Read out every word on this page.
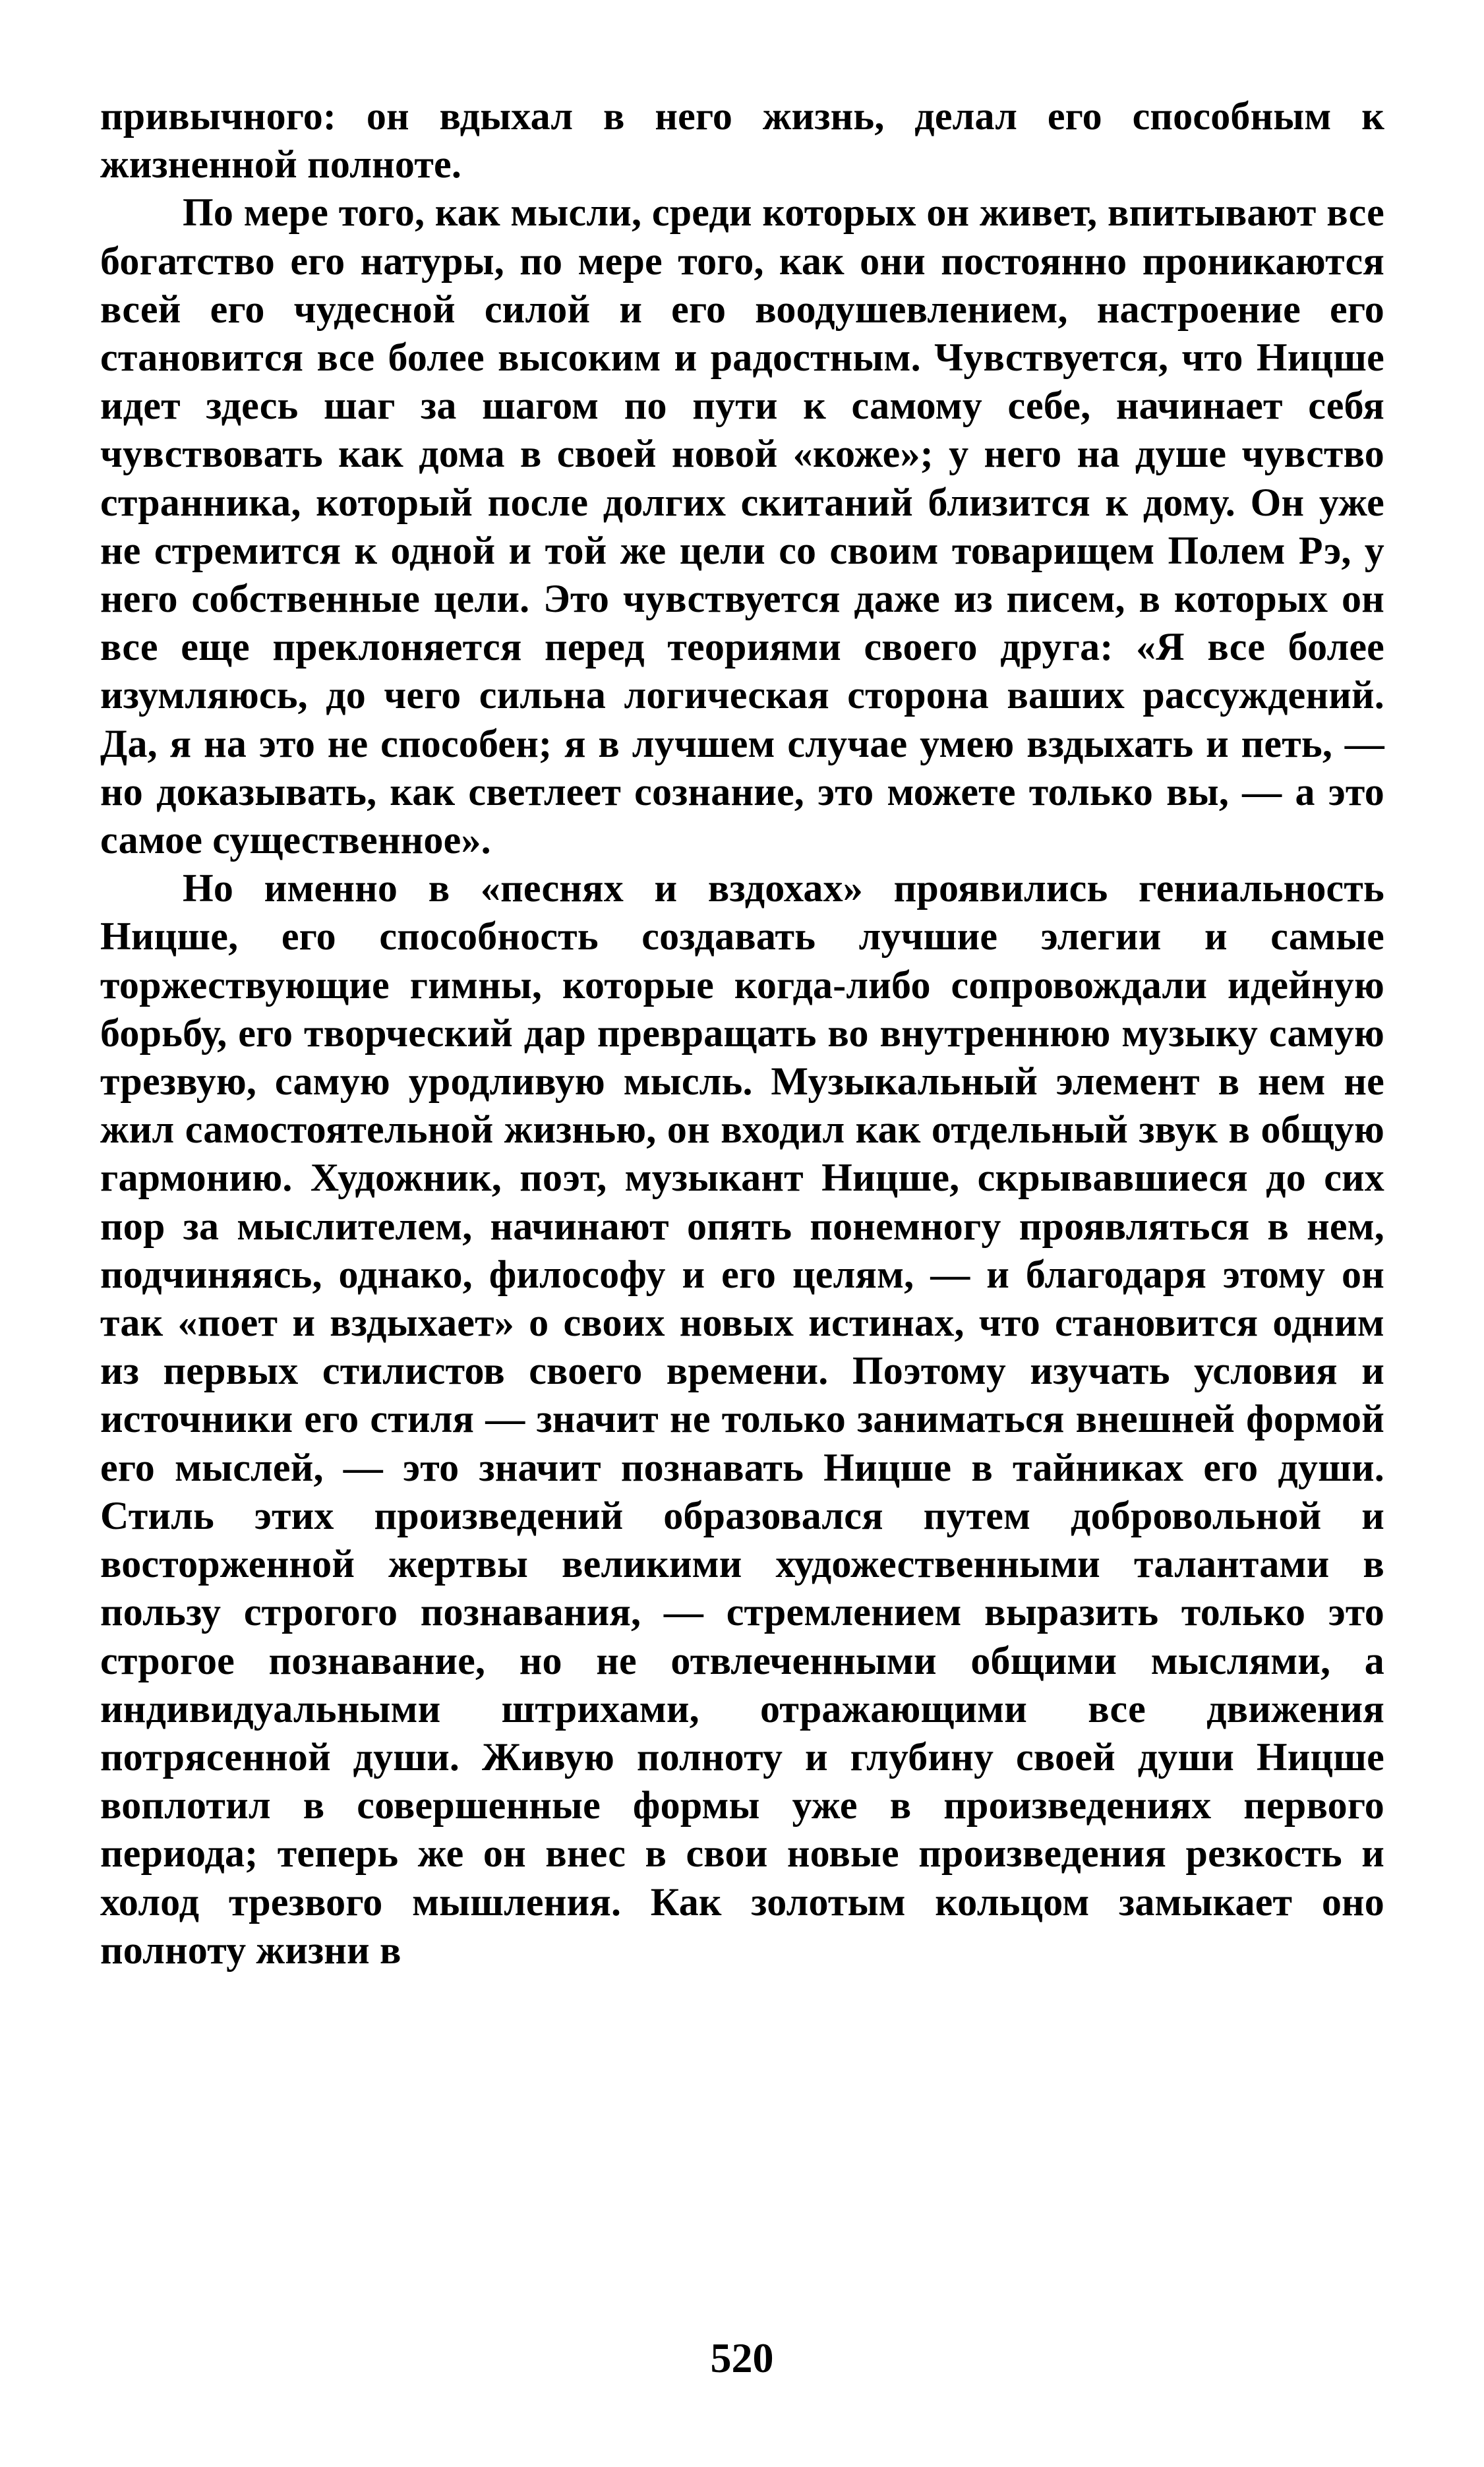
привычного: он вдыхал в него жизнь, делал его способным к жизненной полноте.

По мере того, как мысли, среди которых он живет, впитывают все богатство его натуры, по мере того, как они постоянно проникаются всей его чудесной силой и его воодушевлением, настроение его становится все более высоким и радостным. Чувствуется, что Ницше идет здесь шаг за шагом по пути к самому себе, начинает себя чувствовать как дома в своей новой «коже»; у него на душе чувство странника, который после долгих скитаний близится к дому. Он уже не стремится к одной и той же цели со своим товарищем Полем Рэ, у него собственные цели. Это чувствуется даже из писем, в которых он все еще преклоняется перед теориями своего друга: «Я все более изумляюсь, до чего сильна логическая сторона ваших рассуждений. Да, я на это не способен; я в лучшем случае умею вздыхать и петь, — но доказывать, как светлеет сознание, это можете только вы, — а это самое существенное».

Но именно в «песнях и вздохах» проявились гениальность Ницше, его способность создавать лучшие элегии и самые торжествующие гимны, которые когда-либо сопровождали идейную борьбу, его творческий дар превращать во внутреннюю музыку самую трезвую, самую уродливую мысль. Музыкальный элемент в нем не жил самостоятельной жизнью, он входил как отдельный звук в общую гармонию. Художник, поэт, музыкант Ницше, скрывавшиеся до сих пор за мыслителем, начинают опять понемногу проявляться в нем, подчиняясь, однако, философу и его целям, — и благодаря этому он так «поет и вздыхает» о своих новых истинах, что становится одним из первых стилистов своего времени. Поэтому изучать условия и источники его стиля — значит не только заниматься внешней формой его мыслей, — это значит познавать Ницше в тайниках его души. Стиль этих произведений образовался путем добровольной и восторженной жертвы великими художественными талантами в пользу строгого познавания, — стремлением выразить только это строгое познавание, но не отвлеченными общими мыслями, а индивидуальными штрихами, отражающими все движения потрясенной души. Живую полноту и глубину своей души Ницше воплотил в совершенные формы уже в произведениях первого периода; теперь же он внес в свои новые произведения резкость и холод трезвого мышления. Как золотым кольцом замыкает оно полноту жизни в

520
